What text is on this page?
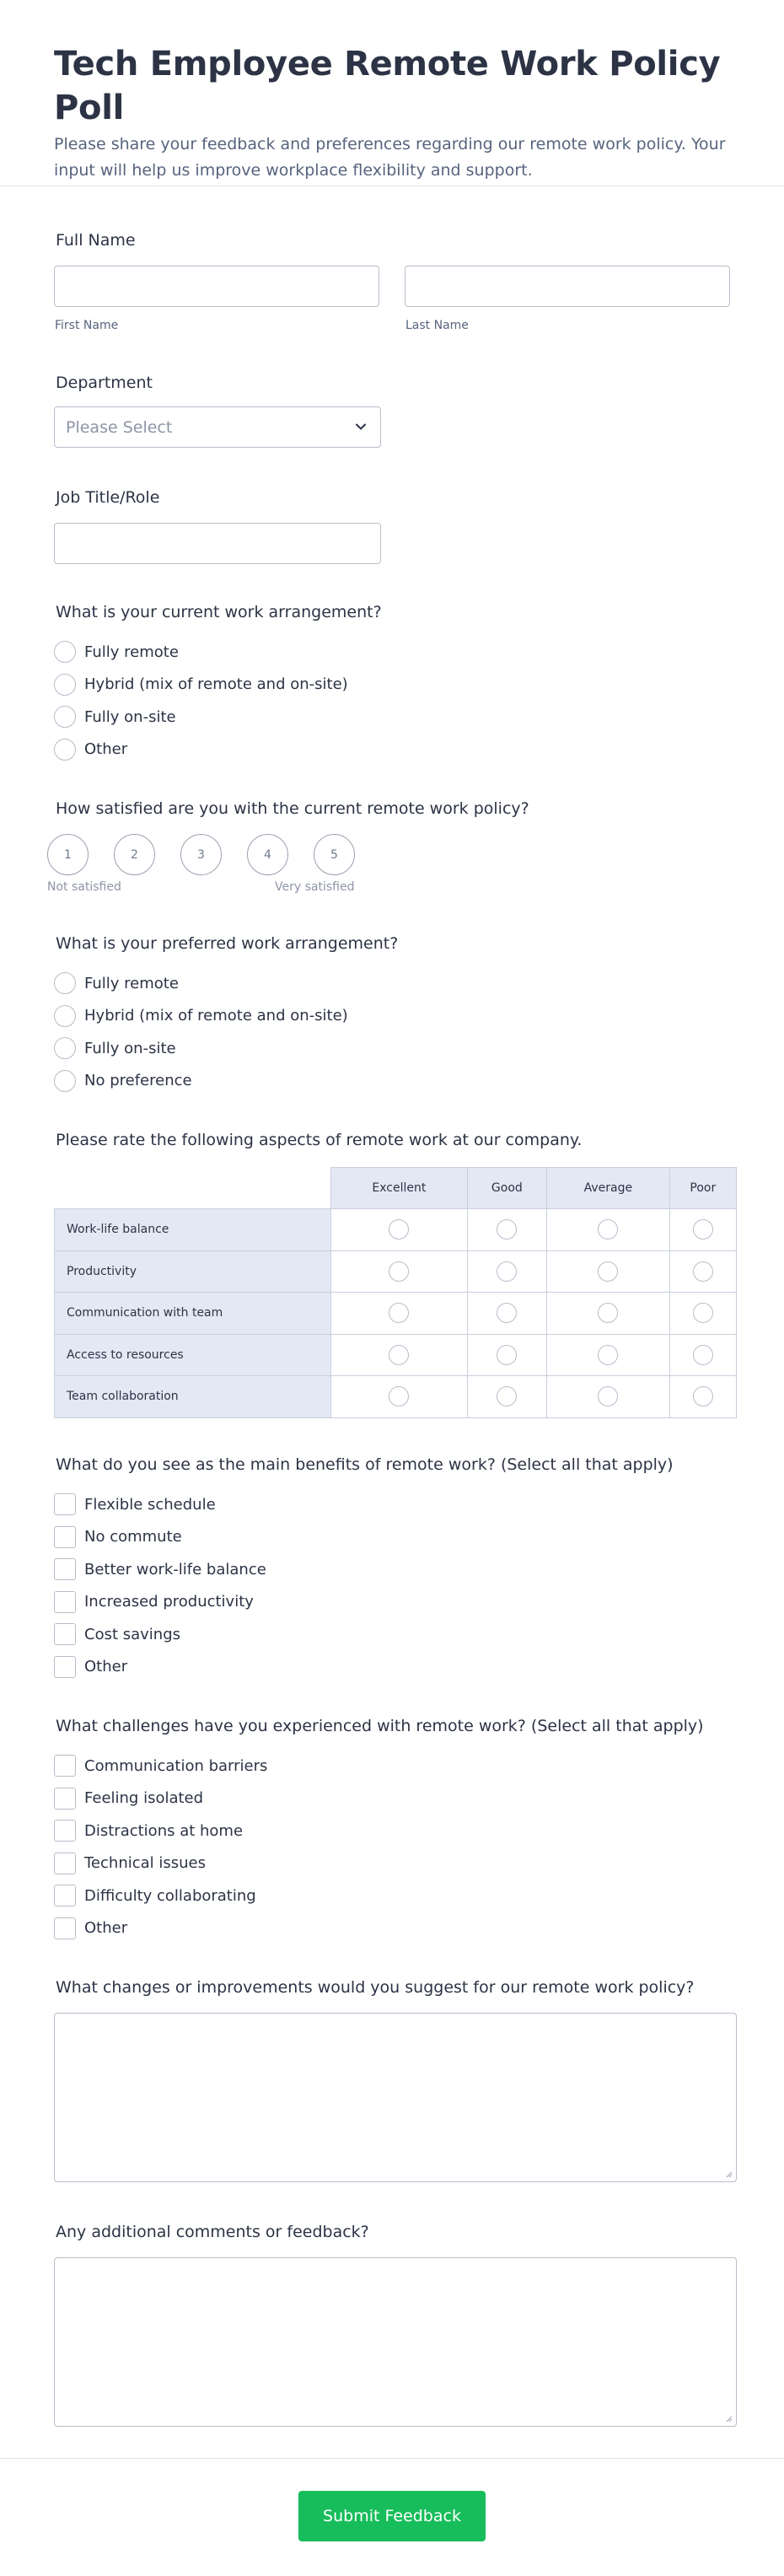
Tech Employee Remote Work Policy Poll

Please share your feedback and preferences regarding our remote work policy. Your input will help us improve workplace flexibility and support.

Full Name
First Name	Last Name
Department
Please Select
Job Title/Role
What is your current work arrangement?
Fully remote
Hybrid (mix of remote and on-site)
Fully on-site
Other
How satisfied are you with the current remote work policy?
1	2	3	4	5
Not satisfied	Very satisfied
What is your preferred work arrangement?
Fully remote
Hybrid (mix of remote and on-site)
Fully on-site
No preference
Please rate the following aspects of remote work at our company.
	Excellent	Good	Average	Poor
Work-life balance				
Productivity				
Communication with team				
Access to resources				
Team collaboration				
What do you see as the main benefits of remote work? (Select all that apply)
Flexible schedule
No commute
Better work-life balance
Increased productivity
Cost savings
Other
What challenges have you experienced with remote work? (Select all that apply)
Communication barriers
Feeling isolated
Distractions at home
Technical issues
Difficulty collaborating
Other
What changes or improvements would you suggest for our remote work policy?
Any additional comments or feedback?
Submit Feedback
